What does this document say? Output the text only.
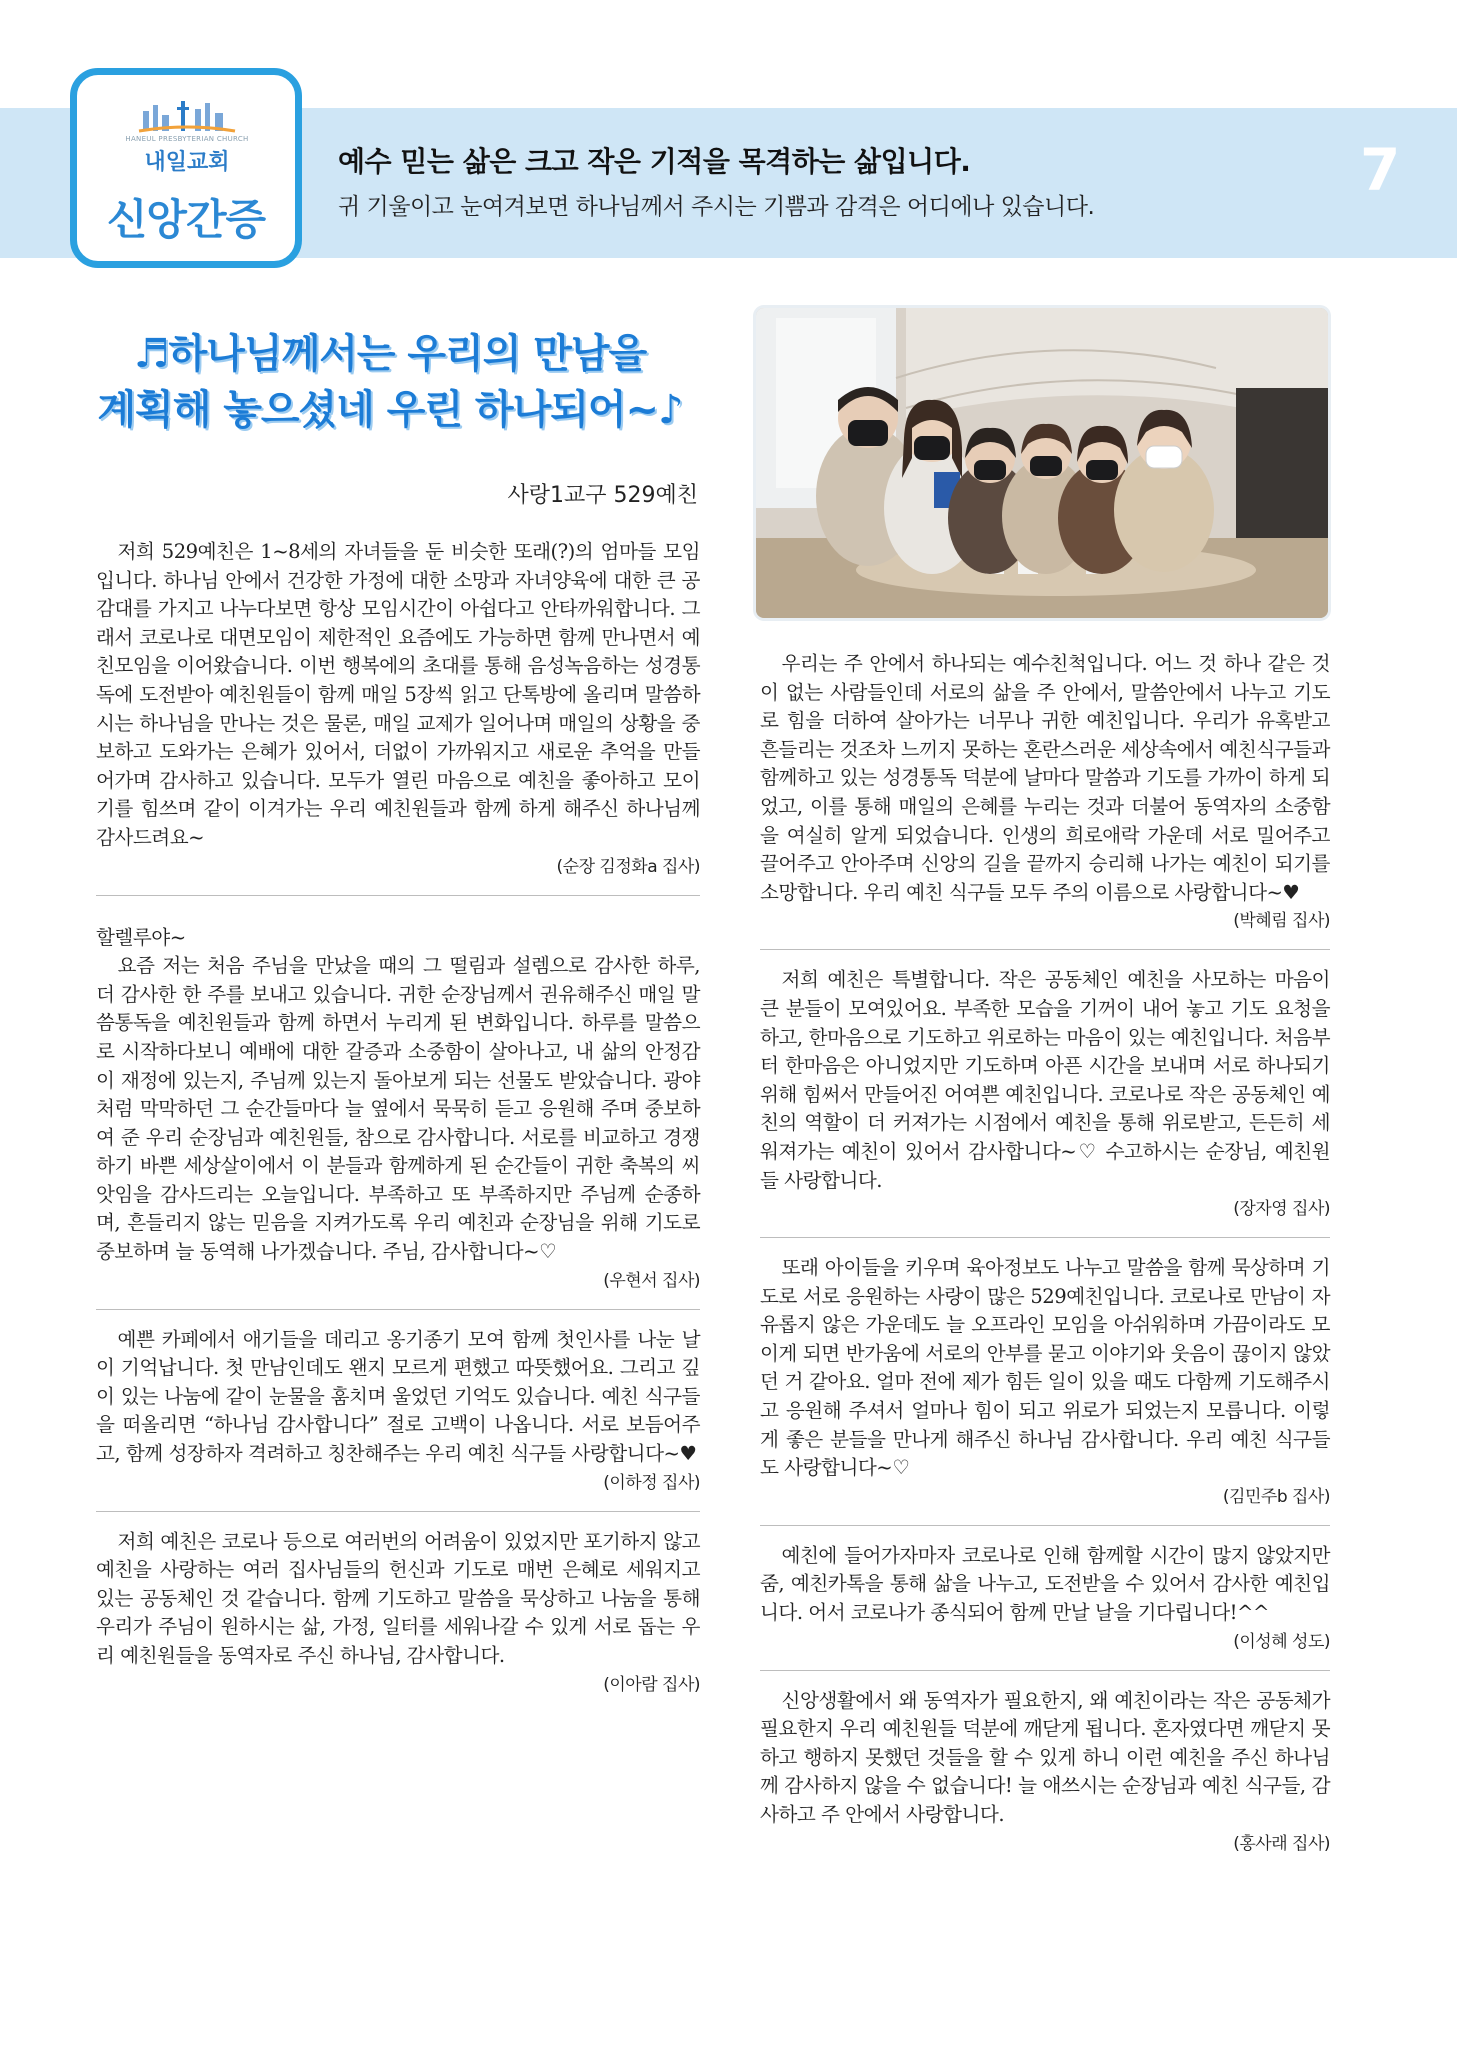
HANEUL PRESBYTERIAN CHURCH
내일교회
신앙간증
예수 믿는 삶은 크고 작은 기적을 목격하는 삶입니다.
귀 기울이고 눈여겨보면 하나님께서 주시는 기쁨과 감격은 어디에나 있습니다.
7
♬하나님께서는 우리의 만남을
계획해 놓으셨네 우린 하나되어~♪
사랑1교구 529예친

저희 529예친은 1~8세의 자녀들을 둔 비슷한 또래(?)의 엄마들 모임입니다. 하나님 안에서 건강한 가정에 대한 소망과 자녀양육에 대한 큰 공감대를 가지고 나누다보면 항상 모임시간이 아쉽다고 안타까워합니다. 그래서 코로나로 대면모임이 제한적인 요즘에도 가능하면 함께 만나면서 예친모임을 이어왔습니다. 이번 행복에의 초대를 통해 음성녹음하는 성경통독에 도전받아 예친원들이 함께 매일 5장씩 읽고 단톡방에 올리며 말씀하시는 하나님을 만나는 것은 물론, 매일 교제가 일어나며 매일의 상황을 중보하고 도와가는 은혜가 있어서, 더없이 가까워지고 새로운 추억을 만들어가며 감사하고 있습니다. 모두가 열린 마음으로 예친을 좋아하고 모이기를 힘쓰며 같이 이겨가는 우리 예친원들과 함께 하게 해주신 하나님께 감사드려요~

(순장 김정화a 집사)

할렐루야~

요즘 저는 처음 주님을 만났을 때의 그 떨림과 설렘으로 감사한 하루, 더 감사한 한 주를 보내고 있습니다. 귀한 순장님께서 권유해주신 매일 말씀통독을 예친원들과 함께 하면서 누리게 된 변화입니다. 하루를 말씀으로 시작하다보니 예배에 대한 갈증과 소중함이 살아나고, 내 삶의 안정감이 재정에 있는지, 주님께 있는지 돌아보게 되는 선물도 받았습니다. 광야처럼 막막하던 그 순간들마다 늘 옆에서 묵묵히 듣고 응원해 주며 중보하여 준 우리 순장님과 예친원들, 참으로 감사합니다. 서로를 비교하고 경쟁하기 바쁜 세상살이에서 이 분들과 함께하게 된 순간들이 귀한 축복의 씨앗임을 감사드리는 오늘입니다. 부족하고 또 부족하지만 주님께 순종하며, 흔들리지 않는 믿음을 지켜가도록 우리 예친과 순장님을 위해 기도로 중보하며 늘 동역해 나가겠습니다. 주님, 감사합니다~♡

(우현서 집사)

예쁜 카페에서 애기들을 데리고 옹기종기 모여 함께 첫인사를 나눈 날이 기억납니다. 첫 만남인데도 왠지 모르게 편했고 따뜻했어요. 그리고 깊이 있는 나눔에 같이 눈물을 훔치며 울었던 기억도 있습니다. 예친 식구들을 떠올리면 “하나님 감사합니다” 절로 고백이 나옵니다. 서로 보듬어주고, 함께 성장하자 격려하고 칭찬해주는 우리 예친 식구들 사랑합니다~♥

(이하정 집사)

저희 예친은 코로나 등으로 여러번의 어려움이 있었지만 포기하지 않고 예친을 사랑하는 여러 집사님들의 헌신과 기도로 매번 은혜로 세워지고 있는 공동체인 것 같습니다. 함께 기도하고 말씀을 묵상하고 나눔을 통해 우리가 주님이 원하시는 삶, 가정, 일터를 세워나갈 수 있게 서로 돕는 우리 예친원들을 동역자로 주신 하나님, 감사합니다.

(이아람 집사)

우리는 주 안에서 하나되는 예수친척입니다. 어느 것 하나 같은 것이 없는 사람들인데 서로의 삶을 주 안에서, 말씀안에서 나누고 기도로 힘을 더하여 살아가는 너무나 귀한 예친입니다. 우리가 유혹받고 흔들리는 것조차 느끼지 못하는 혼란스러운 세상속에서 예친식구들과 함께하고 있는 성경통독 덕분에 날마다 말씀과 기도를 가까이 하게 되었고, 이를 통해 매일의 은혜를 누리는 것과 더불어 동역자의 소중함을 여실히 알게 되었습니다. 인생의 희로애락 가운데 서로 밀어주고 끌어주고 안아주며 신앙의 길을 끝까지 승리해 나가는 예친이 되기를 소망합니다. 우리 예친 식구들 모두 주의 이름으로 사랑합니다~♥

(박혜림 집사)

저희 예친은 특별합니다. 작은 공동체인 예친을 사모하는 마음이 큰 분들이 모여있어요. 부족한 모습을 기꺼이 내어 놓고 기도 요청을 하고, 한마음으로 기도하고 위로하는 마음이 있는 예친입니다. 처음부터 한마음은 아니었지만 기도하며 아픈 시간을 보내며 서로 하나되기 위해 힘써서 만들어진 어여쁜 예친입니다. 코로나로 작은 공동체인 예친의 역할이 더 커져가는 시점에서 예친을 통해 위로받고, 든든히 세워져가는 예친이 있어서 감사합니다~♡ 수고하시는 순장님, 예친원들 사랑합니다.

(장자영 집사)

또래 아이들을 키우며 육아정보도 나누고 말씀을 함께 묵상하며 기도로 서로 응원하는 사랑이 많은 529예친입니다. 코로나로 만남이 자유롭지 않은 가운데도 늘 오프라인 모임을 아쉬워하며 가끔이라도 모이게 되면 반가움에 서로의 안부를 묻고 이야기와 웃음이 끊이지 않았던 거 같아요. 얼마 전에 제가 힘든 일이 있을 때도 다함께 기도해주시고 응원해 주셔서 얼마나 힘이 되고 위로가 되었는지 모릅니다. 이렇게 좋은 분들을 만나게 해주신 하나님 감사합니다. 우리 예친 식구들도 사랑합니다~♡

(김민주b 집사)

예친에 들어가자마자 코로나로 인해 함께할 시간이 많지 않았지만 줌, 예친카톡을 통해 삶을 나누고, 도전받을 수 있어서 감사한 예친입니다. 어서 코로나가 종식되어 함께 만날 날을 기다립니다!^^

(이성혜 성도)

신앙생활에서 왜 동역자가 필요한지, 왜 예친이라는 작은 공동체가 필요한지 우리 예친원들 덕분에 깨닫게 됩니다. 혼자였다면 깨닫지 못하고 행하지 못했던 것들을 할 수 있게 하니 이런 예친을 주신 하나님께 감사하지 않을 수 없습니다! 늘 애쓰시는 순장님과 예친 식구들, 감사하고 주 안에서 사랑합니다.

(홍사래 집사)
